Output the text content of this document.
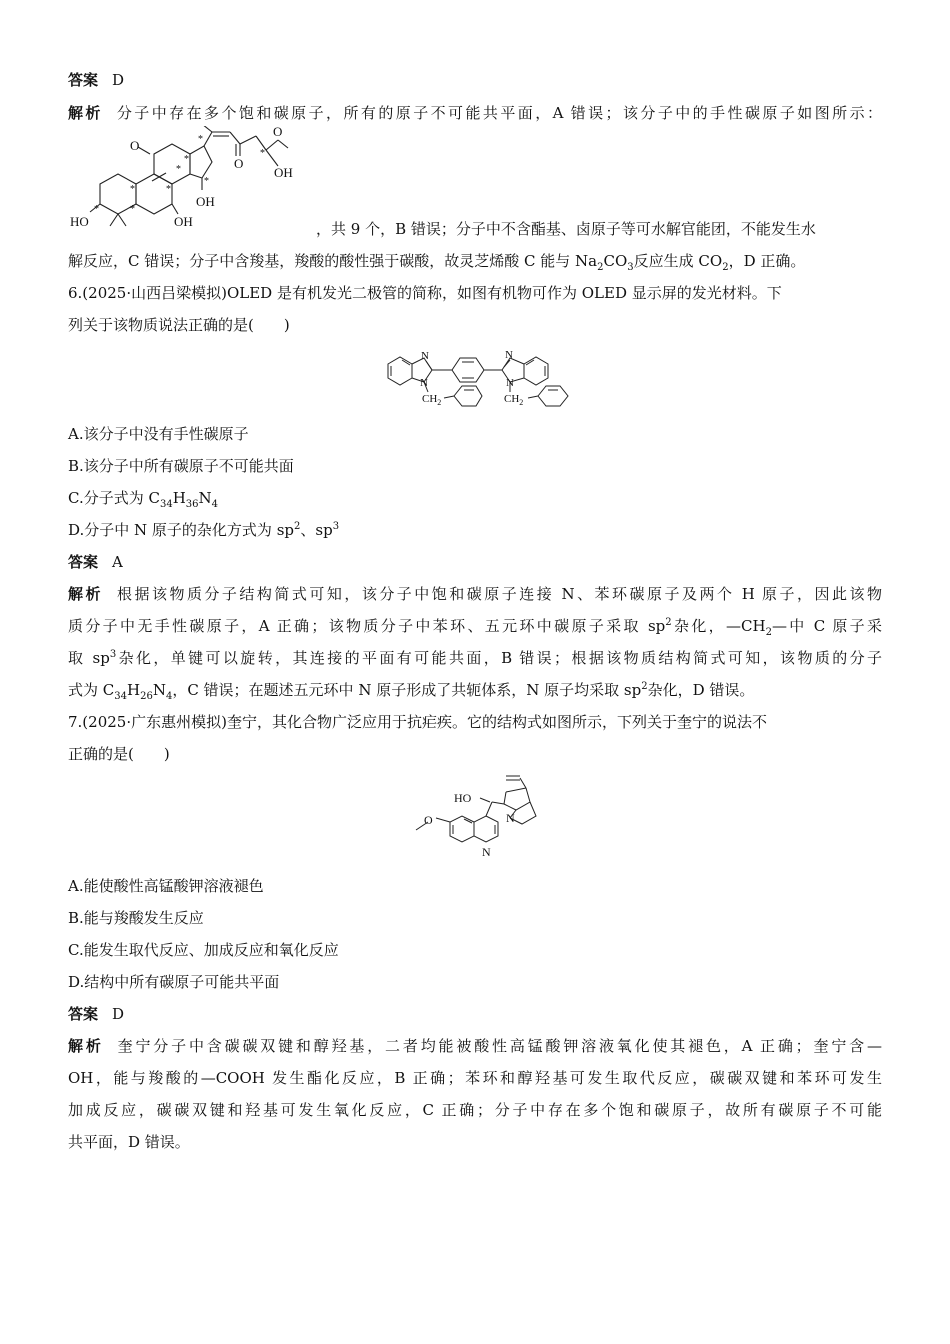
答案 D
解析 分子中存在多个饱和碳原子，所有的原子不可能共平面，A 错误；该分子中的手性碳原子如图所示：
O
O
O
OH
HO
OH
OH
*
*
*
*
*
*
*
*
*
，共 9 个，B 错误；分子中不含酯基、卤原子等可水解官能团，不能发生水
解反应，C 错误；分子中含羧基，羧酸的酸性强于碳酸，故灵芝烯酸 C 能与 $Na_2CO_3$反应生成 $CO_2$，D 正确。
6.(2025·山西吕梁模拟)OLED 是有机发光二极管的简称，如图有机物可作为 OLED 显示屏的发光材料。下
列关于该物质说法正确的是(　　)
N
N
N
N
$CH_2$	$CH_2$
A.该分子中没有手性碳原子
B.该分子中所有碳原子不可能共面
C.分子式为 $C_{34}H_{36}N_4$
D.分子中 N 原子的杂化方式为 $sp^2$、$sp^3$
答案 A
解析 根据该物质分子结构简式可知，该分子中饱和碳原子连接 N、苯环碳原子及两个 H 原子，因此该物
质分子中无手性碳原子，A 正确；该物质分子中苯环、五元环中碳原子采取 $sp^2$杂化，$—CH_2—$中 C 原子采
取 $sp^3$杂化，单键可以旋转，其连接的平面有可能共面，B 错误；根据该物质结构简式可知，该物质的分子
式为 $C_{34}H_{26}N_4$，C 错误；在题述五元环中 N 原子形成了共轭体系，N 原子均采取 $sp^2$杂化，D 错误。
7.(2025·广东惠州模拟)奎宁，其化合物广泛应用于抗疟疾。它的结构式如图所示，下列关于奎宁的说法不
正确的是(　　)
HO
N
N
O
A.能使酸性高锰酸钾溶液褪色
B.能与羧酸发生反应
C.能发生取代反应、加成反应和氧化反应
D.结构中所有碳原子可能共平面
答案 D
解析 奎宁分子中含碳碳双键和醇羟基，二者均能被酸性高锰酸钾溶液氧化使其褪色，A 正确；奎宁含—
OH，能与羧酸的—COOH 发生酯化反应，B 正确；苯环和醇羟基可发生取代反应，碳碳双键和苯环可发生
加成反应，碳碳双键和羟基可发生氧化反应，C 正确；分子中存在多个饱和碳原子，故所有碳原子不可能
共平面，D 错误。
